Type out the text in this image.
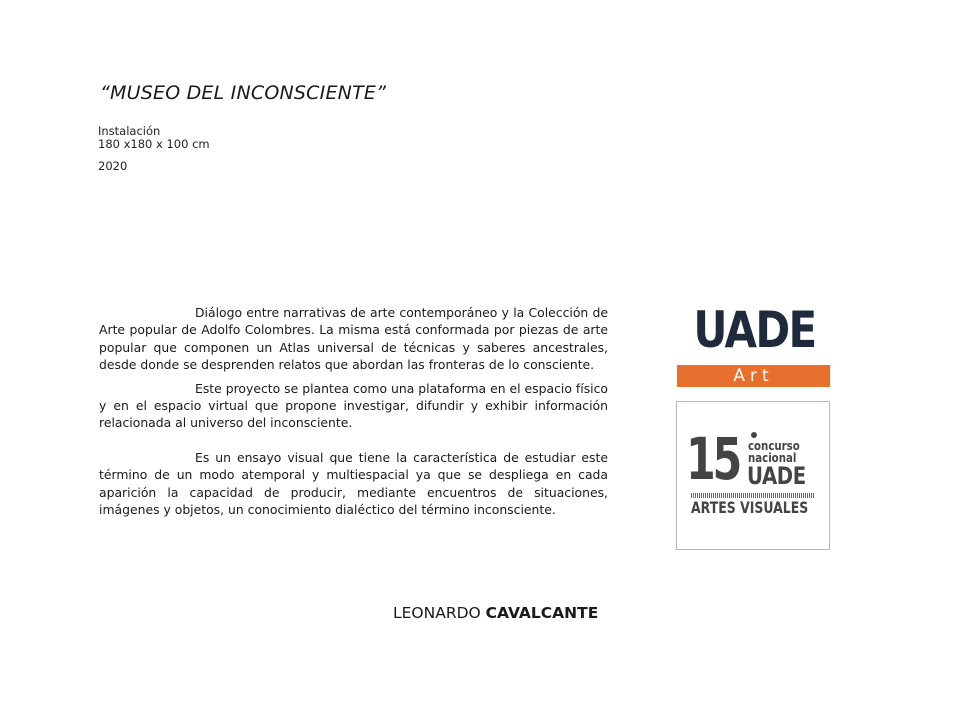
“MUSEO DEL INCONSCIENTE”
Instalación
180 x180 x 100 cm
2020

Diálogo entre narrativas de arte contemporáneo y la Colección de Arte popular de Adolfo Colombres. La misma está conformada por piezas de arte popular que componen un Atlas universal de técnicas y saberes ancestrales, desde donde se desprenden relatos que abordan las fronteras de lo consciente.

Este proyecto se plantea como una plataforma en el espacio físico y en el espacio virtual que propone investigar, difundir y exhibir información relacionada al universo del inconsciente.

Es un ensayo visual que tiene la característica de estudiar este término de un modo atemporal y multiespacial ya que se despliega en cada aparición la capacidad de producir, mediante encuentros de situaciones, imágenes y objetos, un conocimiento dialéctico del término inconsciente.

LEONARDO CAVALCANTE
UADE
Art
15 concurso
nacional
UADE
ARTES VISUALES
